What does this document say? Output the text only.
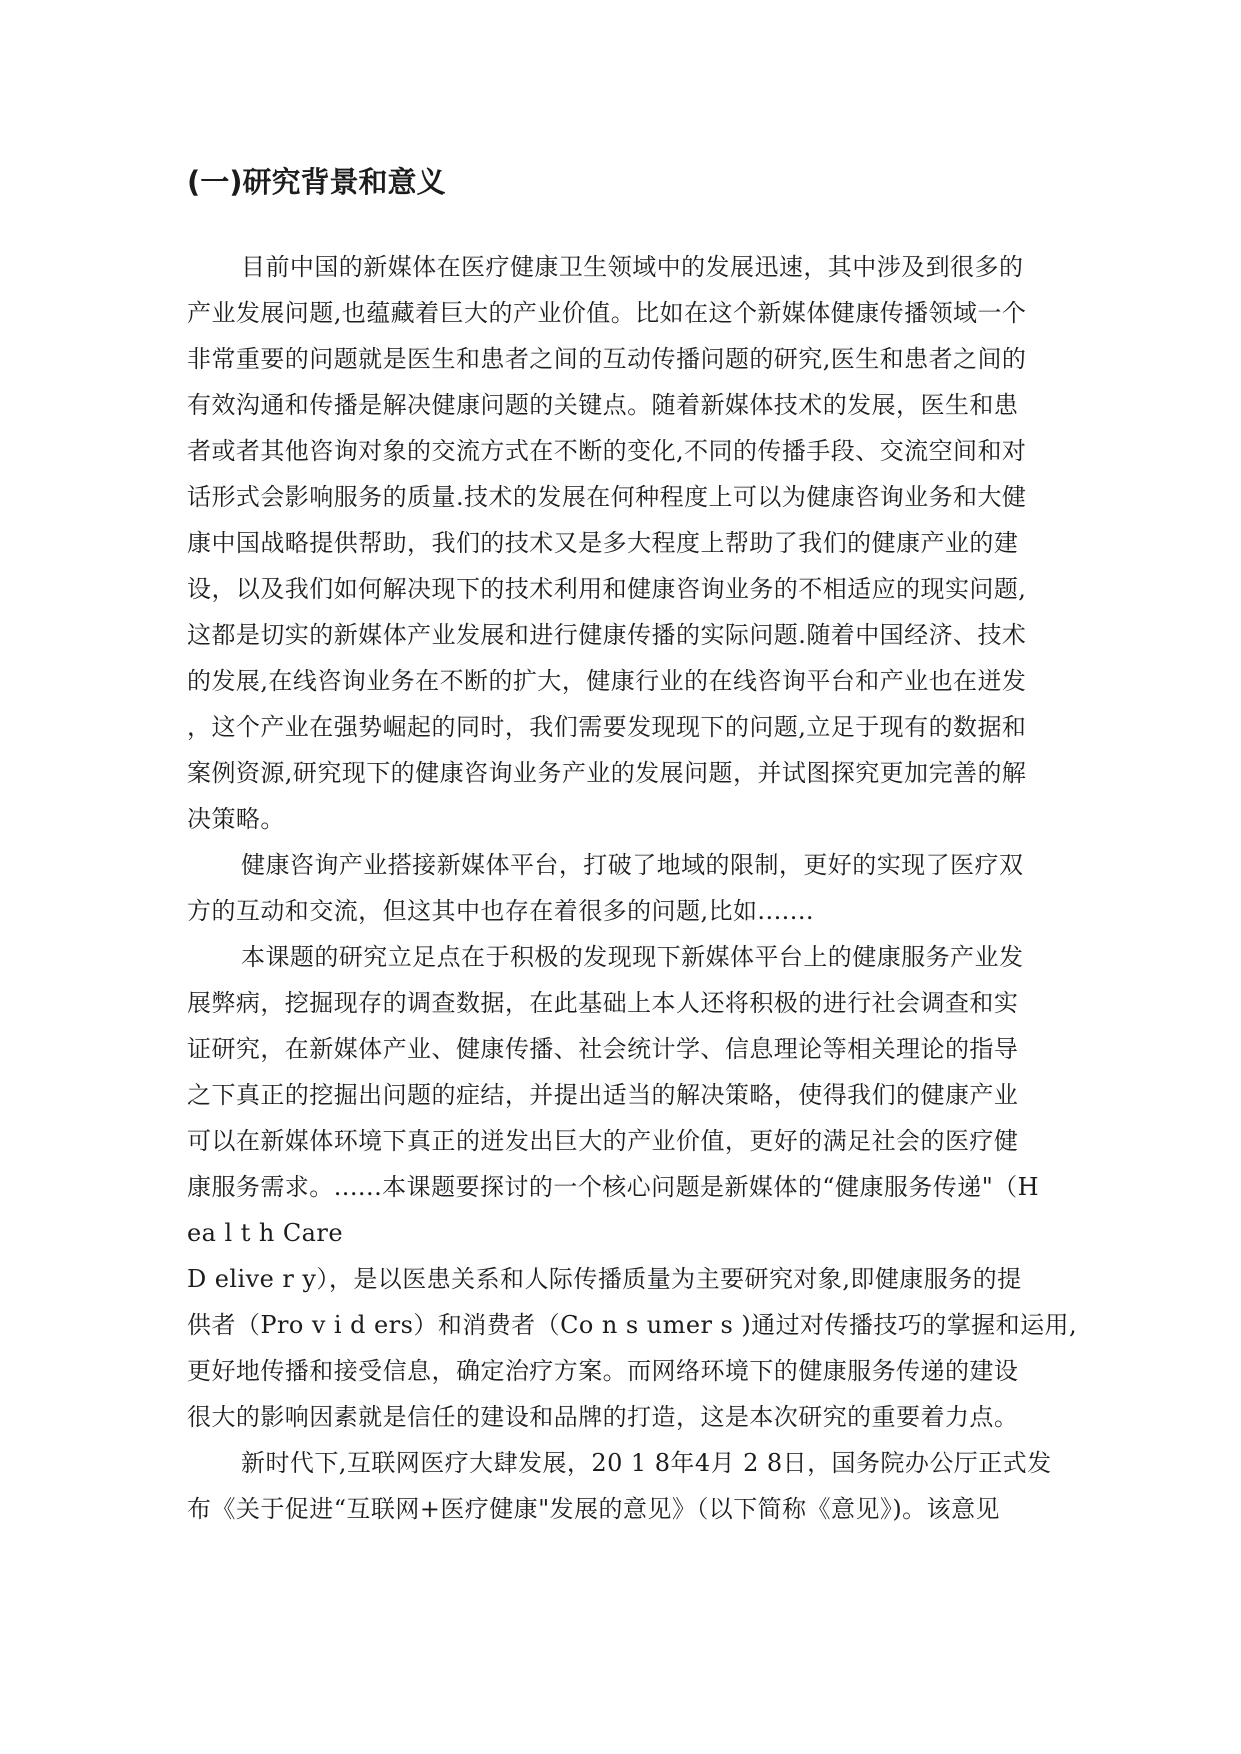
(一)研究背景和意义
目前中国的新媒体在医疗健康卫生领域中的发展迅速，其中涉及到很多的
产业发展问题,也蕴藏着巨大的产业价值。比如在这个新媒体健康传播领域一个
非常重要的问题就是医生和患者之间的互动传播问题的研究,医生和患者之间的
有效沟通和传播是解决健康问题的关键点。随着新媒体技术的发展，医生和患
者或者其他咨询对象的交流方式在不断的变化,不同的传播手段、交流空间和对
话形式会影响服务的质量.技术的发展在何种程度上可以为健康咨询业务和大健
康中国战略提供帮助，我们的技术又是多大程度上帮助了我们的健康产业的建
设，以及我们如何解决现下的技术利用和健康咨询业务的不相适应的现实问题,
这都是切实的新媒体产业发展和进行健康传播的实际问题.随着中国经济、技术
的发展,在线咨询业务在不断的扩大，健康行业的在线咨询平台和产业也在迸发
，这个产业在强势崛起的同时，我们需要发现现下的问题,立足于现有的数据和
案例资源,研究现下的健康咨询业务产业的发展问题，并试图探究更加完善的解
决策略。
健康咨询产业搭接新媒体平台，打破了地域的限制，更好的实现了医疗双
方的互动和交流，但这其中也存在着很多的问题,比如.......
本课题的研究立足点在于积极的发现现下新媒体平台上的健康服务产业发
展弊病，挖掘现存的调查数据，在此基础上本人还将积极的进行社会调查和实
证研究，在新媒体产业、健康传播、社会统计学、信息理论等相关理论的指导
之下真正的挖掘出问题的症结，并提出适当的解决策略，使得我们的健康产业
可以在新媒体环境下真正的迸发出巨大的产业价值，更好的满足社会的医疗健
康服务需求。......本课题要探讨的一个核心问题是新媒体的“健康服务传递"（H
ea l t h Care
D elive r y），是以医患关系和人际传播质量为主要研究对象,即健康服务的提
供者（Pro v i d ers）和消费者（Co n s umer s )通过对传播技巧的掌握和运用,
更好地传播和接受信息，确定治疗方案。而网络环境下的健康服务传递的建设
很大的影响因素就是信任的建设和品牌的打造，这是本次研究的重要着力点。
新时代下,互联网医疗大肆发展，20 1 8年4月 2 8日，国务院办公厅正式发
布《关于促进“互联网+医疗健康"发展的意见》（以下简称《意见》)。该意见
